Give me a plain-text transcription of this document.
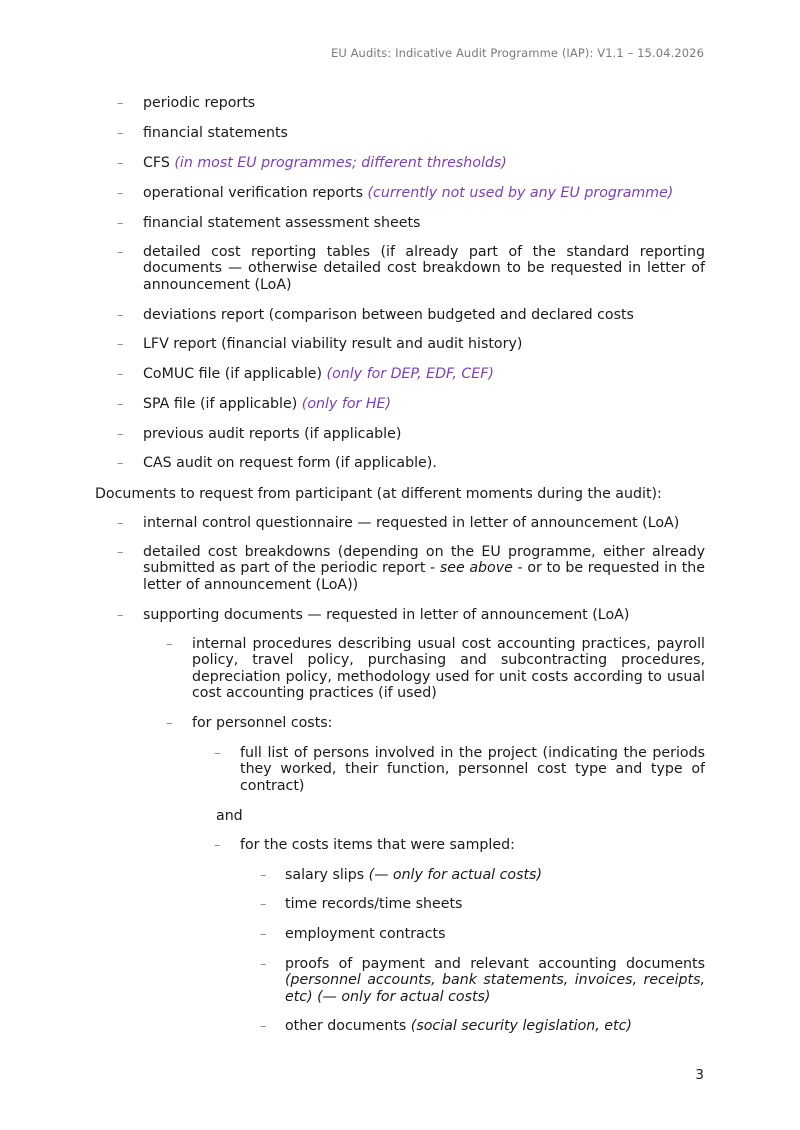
EU Audits: Indicative Audit Programme (IAP): V1.1 – 15.04.2026
– periodic reports
– financial statements
– CFS (in most EU programmes; different thresholds)
– operational verification reports (currently not used by any EU programme)
– financial statement assessment sheets
– detailed cost reporting tables (if already part of the standard reporting documents — otherwise detailed cost breakdown to be requested in letter of announcement (LoA)
– deviations report (comparison between budgeted and declared costs
– LFV report (financial viability result and audit history)
– CoMUC file (if applicable) (only for DEP, EDF, CEF)
– SPA file (if applicable) (only for HE)
– previous audit reports (if applicable)
– CAS audit on request form (if applicable).
Documents to request from participant (at different moments during the audit):
– internal control questionnaire — requested in letter of announcement (LoA)
– detailed cost breakdowns (depending on the EU programme, either already submitted as part of the periodic report - see above - or to be requested in the letter of announcement (LoA))
– supporting documents — requested in letter of announcement (LoA)
– internal procedures describing usual cost accounting practices, payroll policy, travel policy, purchasing and subcontracting procedures, depreciation policy, methodology used for unit costs according to usual cost accounting practices (if used)
– for personnel costs:
– full list of persons involved in the project (indicating the periods they worked, their function, personnel cost type and type of contract)
and
– for the costs items that were sampled:
– salary slips (— only for actual costs)
– time records/time sheets
– employment contracts
– proofs of payment and relevant accounting documents (personnel accounts, bank statements, invoices, receipts, etc) (— only for actual costs)
– other documents (social security legislation, etc)
3
